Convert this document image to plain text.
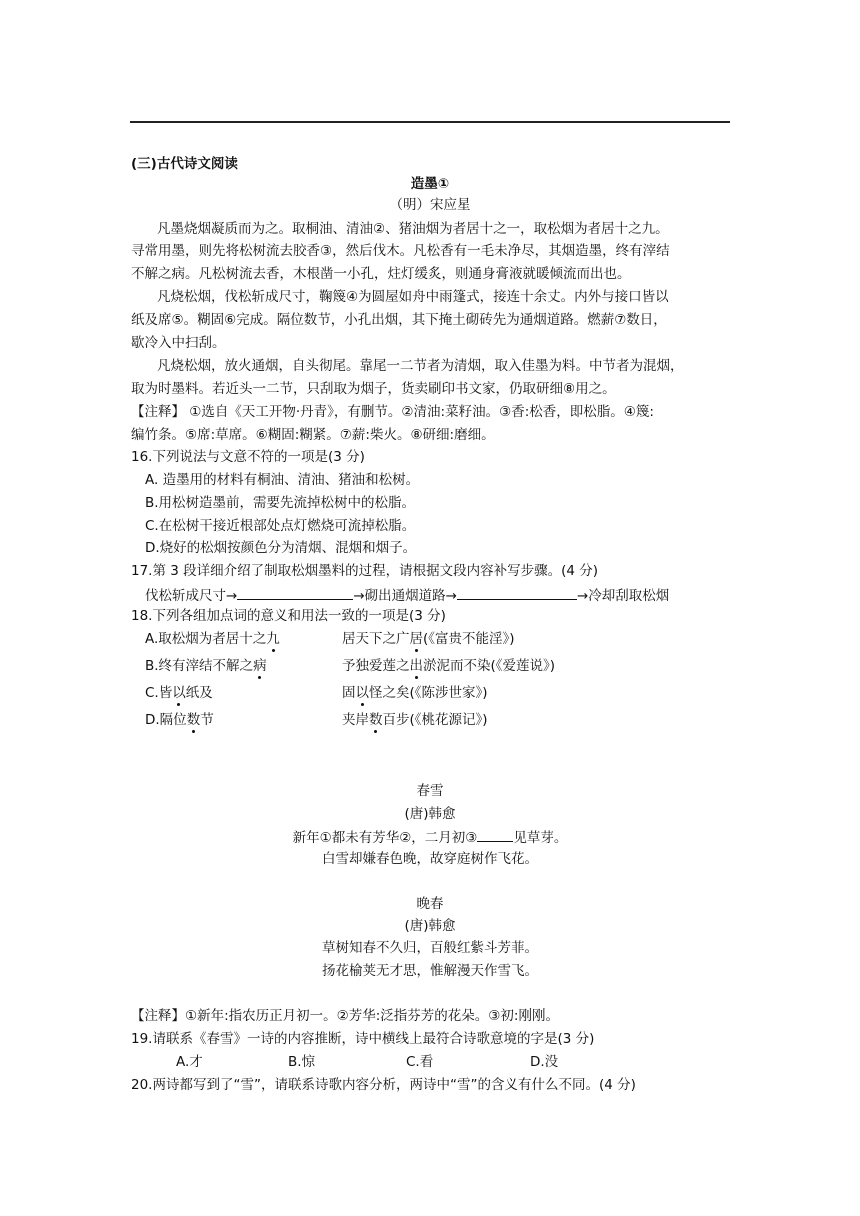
(三)古代诗文阅读
造墨①
（明）宋应星
凡墨烧烟凝质而为之。取桐油、清油②、猪油烟为者居十之一，取松烟为者居十之九。
寻常用墨，则先将松树流去胶香③，然后伐木。凡松香有一毛未净尽，其烟造墨，终有滓结
不解之病。凡松树流去香，木根凿一小孔，炷灯缓炙，则通身膏液就暖倾流而出也。
凡烧松烟，伐松斩成尺寸，鞠篾④为圆屋如舟中雨篷式，接连十余丈。内外与接口皆以
纸及席⑤。糊固⑥完成。隔位数节，小孔出烟，其下掩土砌砖先为通烟道路。燃薪⑦数日，
歇冷入中扫刮。
凡烧松烟，放火通烟，自头彻尾。靠尾一二节者为清烟，取入佳墨为料。中节者为混烟，
取为时墨料。若近头一二节，只刮取为烟子，货卖刷印书文家，仍取研细⑧用之。
【注释】 ①选自《天工开物·丹青》，有删节。②清油:菜籽油。③香:松香，即松脂。④篾:
编竹条。⑤席:草席。⑥糊固:糊紧。⑦薪:柴火。⑧研细:磨细。
16.下列说法与文意不符的一项是(3 分)
A. 造墨用的材料有桐油、清油、猪油和松树。
B.用松树造墨前，需要先流掉松树中的松脂。
C.在松树干接近根部处点灯燃烧可流掉松脂。
D.烧好的松烟按颜色分为清烟、混烟和烟子。
17.第 3 段详细介绍了制取松烟墨料的过程，请根据文段内容补写步骤。(4 分)
伐松斩成尺寸→	→砌出通烟道路→	→冷却刮取松烟
18.下列各组加点词的意义和用法一致的一项是(3 分)
A.取松烟为者居十之九	居天下之广居(《富贵不能淫》)
B.终有滓结不解之病	予独爱莲之出淤泥而不染(《爱莲说》)
C.皆以纸及	固以怪之矣(《陈涉世家》)
D.隔位数节	夹岸数百步(《桃花源记》)
春雪
(唐)韩愈
新年①都未有芳华②，二月初③	见草芽。
白雪却嫌春色晚，故穿庭树作飞花。
晚春
(唐)韩愈
草树知春不久归，百般红紫斗芳菲。
扬花榆荚无才思，惟解漫天作雪飞。
【注释】①新年:指农历正月初一。②芳华:泛指芬芳的花朵。③初:刚刚。
19.请联系《春雪》一诗的内容推断，诗中横线上最符合诗歌意境的字是(3 分)
A.才	B.惊	C.看	D.没
20.两诗都写到了“雪”，请联系诗歌内容分析，两诗中“雪”的含义有什么不同。(4 分)
